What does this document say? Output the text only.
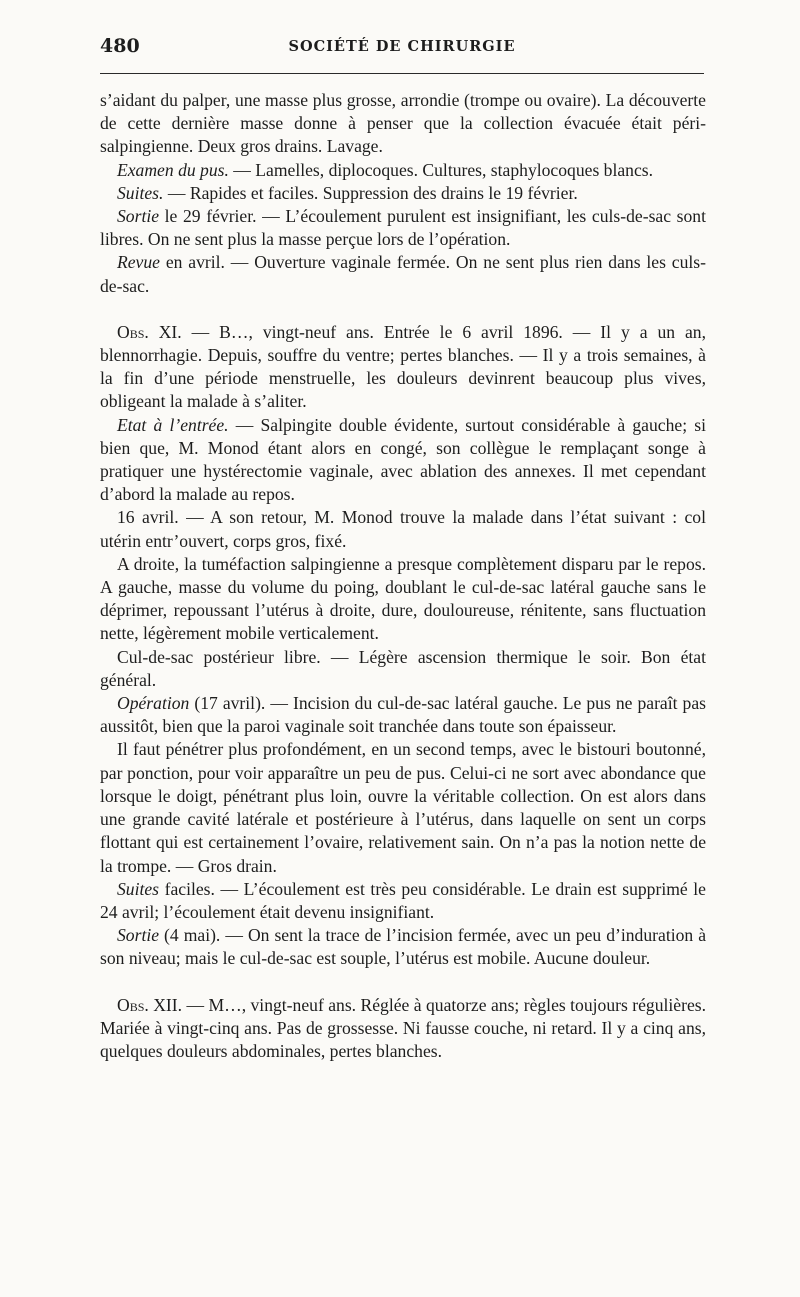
480	SOCIÉTÉ DE CHIRURGIE

s’aidant du palper, une masse plus grosse, arrondie (trompe ou ovaire). La découverte de cette dernière masse donne à penser que la collection évacuée était péri-salpingienne. Deux gros drains. Lavage.

Examen du pus. — Lamelles, diplocoques. Cultures, staphylocoques blancs.

Suites. — Rapides et faciles. Suppression des drains le 19 février.

Sortie le 29 février. — L’écoulement purulent est insignifiant, les culs-de-sac sont libres. On ne sent plus la masse perçue lors de l’opération.

Revue en avril. — Ouverture vaginale fermée. On ne sent plus rien dans les culs-de-sac.

Obs. XI. — B…, vingt-neuf ans. Entrée le 6 avril 1896. — Il y a un an, blennorrhagie. Depuis, souffre du ventre; pertes blanches. — Il y a trois semaines, à la fin d’une période menstruelle, les douleurs devinrent beaucoup plus vives, obligeant la malade à s’aliter.

Etat à l’entrée. — Salpingite double évidente, surtout considérable à gauche; si bien que, M. Monod étant alors en congé, son collègue le remplaçant songe à pratiquer une hystérectomie vaginale, avec ablation des annexes. Il met cependant d’abord la malade au repos.

16 avril. — A son retour, M. Monod trouve la malade dans l’état suivant : col utérin entr’ouvert, corps gros, fixé.

A droite, la tuméfaction salpingienne a presque complètement disparu par le repos. A gauche, masse du volume du poing, doublant le cul-de-sac latéral gauche sans le déprimer, repoussant l’utérus à droite, dure, douloureuse, rénitente, sans fluctuation nette, légèrement mobile verticalement.

Cul-de-sac postérieur libre. — Légère ascension thermique le soir. Bon état général.

Opération (17 avril). — Incision du cul-de-sac latéral gauche. Le pus ne paraît pas aussitôt, bien que la paroi vaginale soit tranchée dans toute son épaisseur.

Il faut pénétrer plus profondément, en un second temps, avec le bistouri boutonné, par ponction, pour voir apparaître un peu de pus. Celui-ci ne sort avec abondance que lorsque le doigt, pénétrant plus loin, ouvre la véritable collection. On est alors dans une grande cavité latérale et postérieure à l’utérus, dans laquelle on sent un corps flottant qui est certainement l’ovaire, relativement sain. On n’a pas la notion nette de la trompe. — Gros drain.

Suites faciles. — L’écoulement est très peu considérable. Le drain est supprimé le 24 avril; l’écoulement était devenu insignifiant.

Sortie (4 mai). — On sent la trace de l’incision fermée, avec un peu d’induration à son niveau; mais le cul-de-sac est souple, l’utérus est mobile. Aucune douleur.

Obs. XII. — M…, vingt-neuf ans. Réglée à quatorze ans; règles toujours régulières. Mariée à vingt-cinq ans. Pas de grossesse. Ni fausse couche, ni retard. Il y a cinq ans, quelques douleurs abdominales, pertes blanches.
